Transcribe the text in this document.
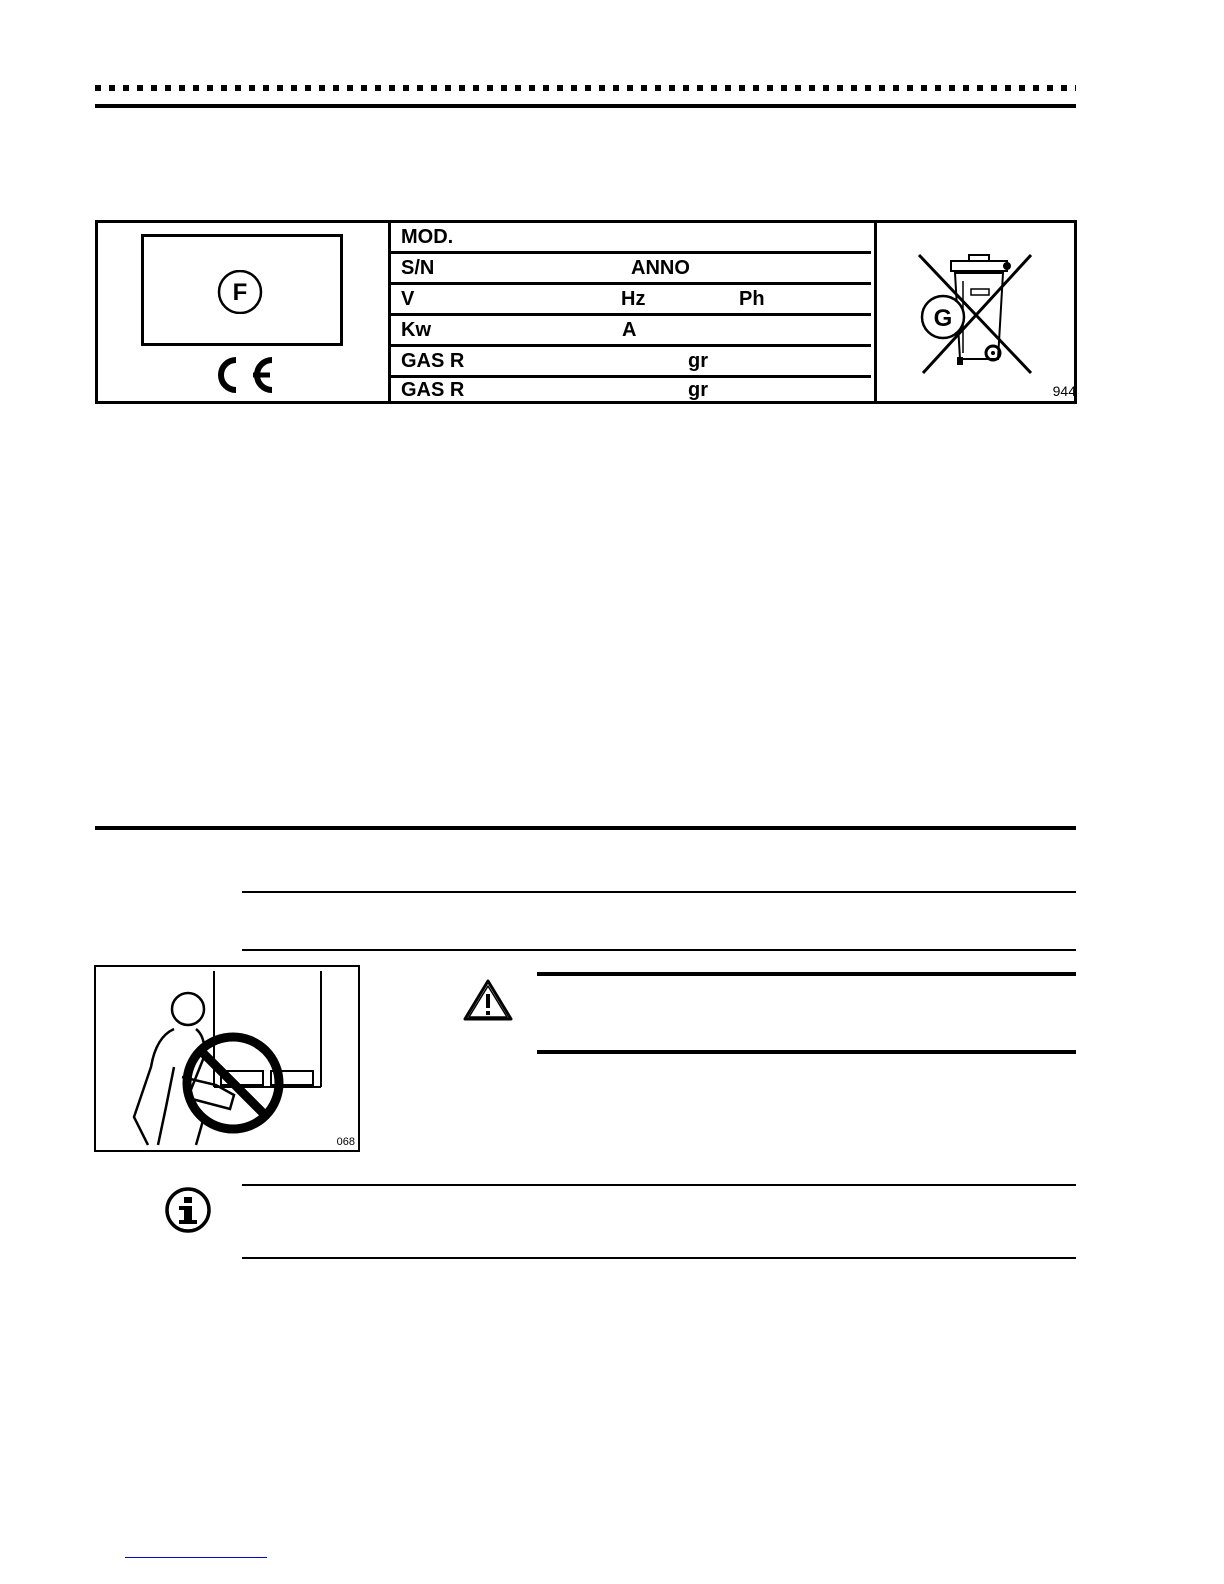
F
MOD.
S/N	ANNO
V	Hz	Ph
Kw	A
GAS R	gr
GAS R	gr
G
944
068
